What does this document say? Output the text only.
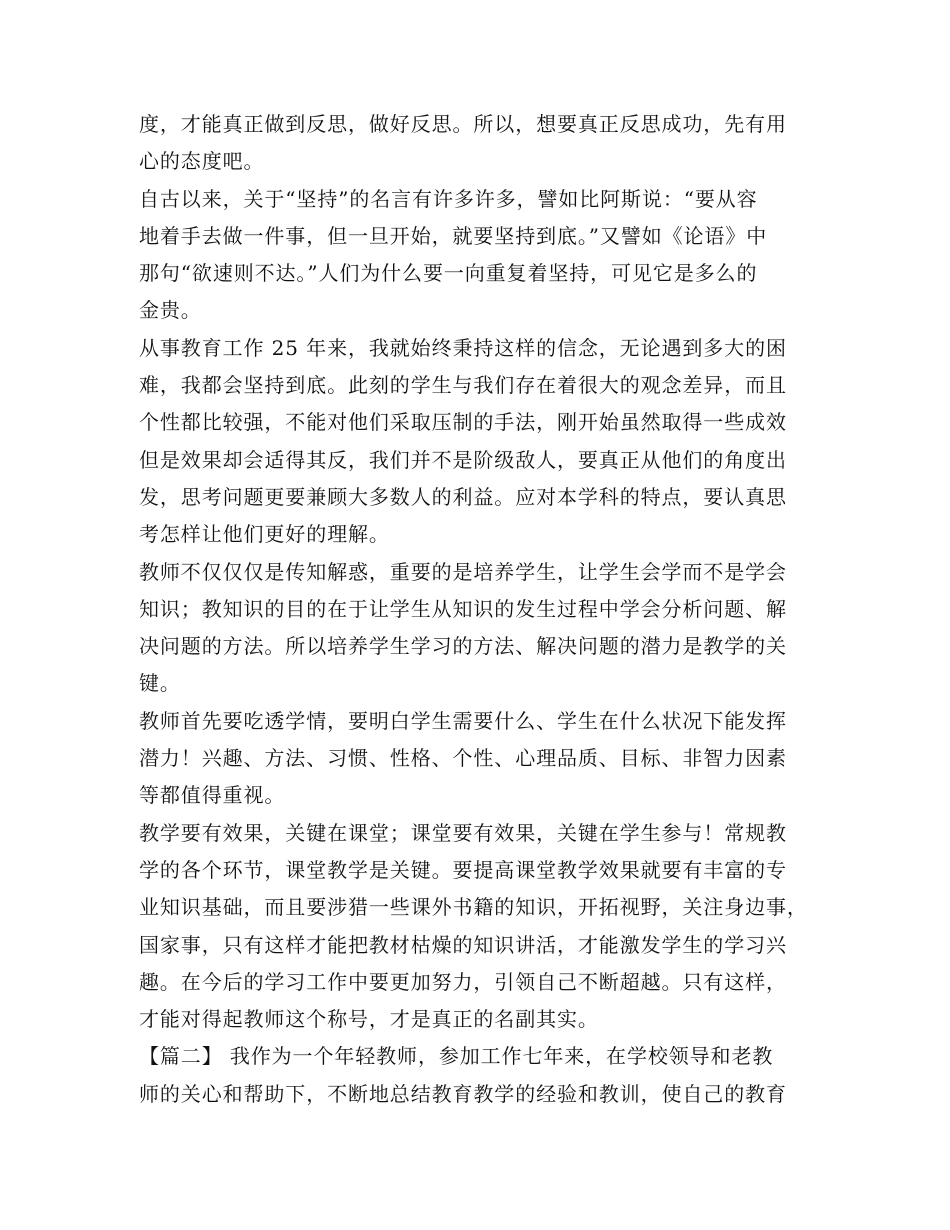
度，才能真正做到反思，做好反思。所以，想要真正反思成功，先有用
心的态度吧。
自古以来，关于“坚持”的名言有许多许多，譬如比阿斯说：“要从容
地着手去做一件事，但一旦开始，就要坚持到底。”又譬如《论语》中
那句“欲速则不达。”人们为什么要一向重复着坚持，可见它是多么的
金贵。
从事教育工作 25 年来，我就始终秉持这样的信念，无论遇到多大的困
难，我都会坚持到底。此刻的学生与我们存在着很大的观念差异，而且
个性都比较强，不能对他们采取压制的手法，刚开始虽然取得一些成效
但是效果却会适得其反，我们并不是阶级敌人，要真正从他们的角度出
发，思考问题更要兼顾大多数人的利益。应对本学科的特点，要认真思
考怎样让他们更好的理解。
教师不仅仅仅是传知解惑，重要的是培养学生，让学生会学而不是学会
知识；教知识的目的在于让学生从知识的发生过程中学会分析问题、解
决问题的方法。所以培养学生学习的方法、解决问题的潜力是教学的关
键。
教师首先要吃透学情，要明白学生需要什么、学生在什么状况下能发挥
潜力！兴趣、方法、习惯、性格、个性、心理品质、目标、非智力因素
等都值得重视。
教学要有效果，关键在课堂；课堂要有效果，关键在学生参与！常规教
学的各个环节，课堂教学是关键。要提高课堂教学效果就要有丰富的专
业知识基础，而且要涉猎一些课外书籍的知识，开拓视野，关注身边事，
国家事，只有这样才能把教材枯燥的知识讲活，才能激发学生的学习兴
趣。在今后的学习工作中要更加努力，引领自己不断超越。只有这样，
才能对得起教师这个称号，才是真正的名副其实。
【篇二】 我作为一个年轻教师，参加工作七年来，在学校领导和老教
师的关心和帮助下，不断地总结教育教学的经验和教训，使自己的教育
